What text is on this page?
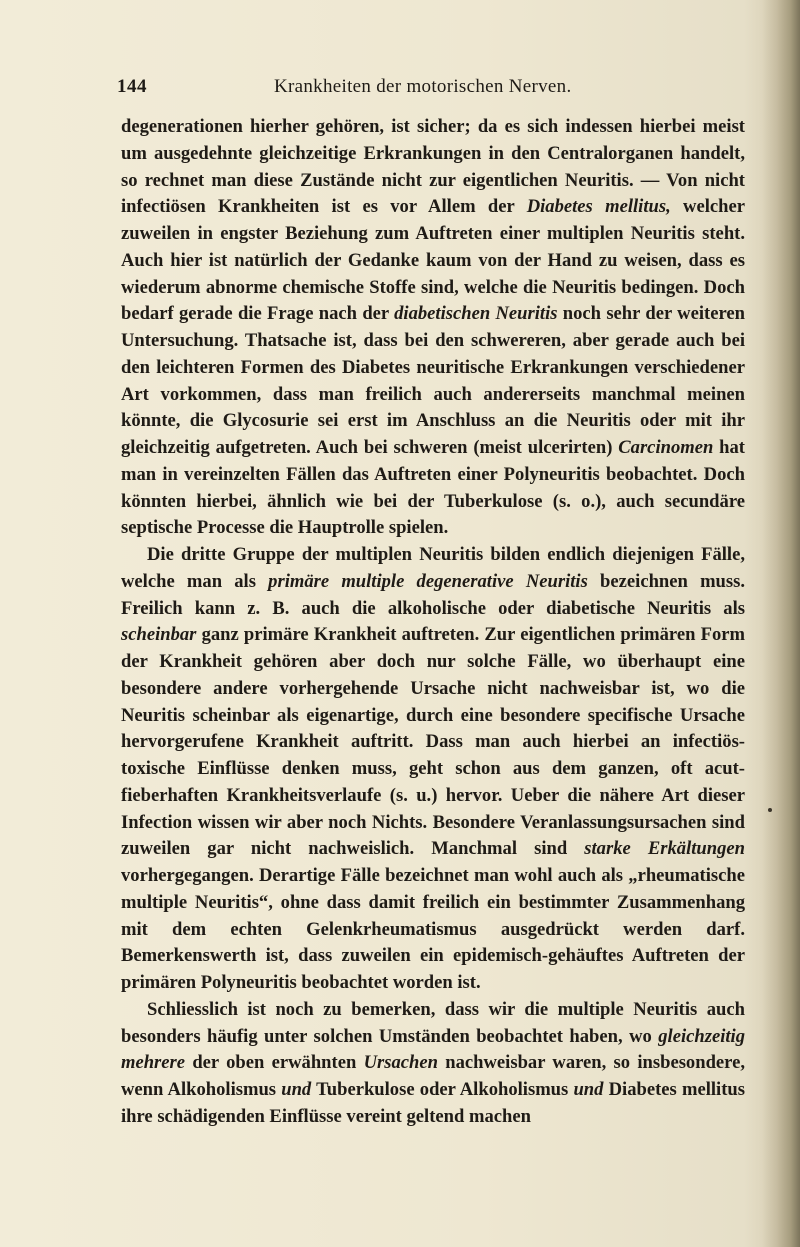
144	Krankheiten der motorischen Nerven.

degenerationen hierher gehören, ist sicher; da es sich indessen hierbei meist um ausgedehnte gleichzeitige Erkrankungen in den Centralorganen handelt, so rechnet man diese Zustände nicht zur eigentlichen Neuritis. — Von nicht infectiösen Krankheiten ist es vor Allem der Diabetes mellitus, welcher zuweilen in engster Beziehung zum Auftreten einer multiplen Neuritis steht. Auch hier ist natürlich der Gedanke kaum von der Hand zu weisen, dass es wiederum abnorme chemische Stoffe sind, welche die Neuritis bedingen. Doch bedarf gerade die Frage nach der diabetischen Neuritis noch sehr der weiteren Untersuchung. Thatsache ist, dass bei den schwereren, aber gerade auch bei den leichteren Formen des Diabetes neuritische Erkrankungen verschiedener Art vorkommen, dass man freilich auch andererseits manchmal meinen könnte, die Glycosurie sei erst im Anschluss an die Neuritis oder mit ihr gleichzeitig aufgetreten. Auch bei schweren (meist ulcerirten) Carcinomen hat man in vereinzelten Fällen das Auftreten einer Polyneuritis beobachtet. Doch könnten hierbei, ähnlich wie bei der Tuberkulose (s. o.), auch secundäre septische Processe die Hauptrolle spielen.

Die dritte Gruppe der multiplen Neuritis bilden endlich diejenigen Fälle, welche man als primäre multiple degenerative Neuritis bezeichnen muss. Freilich kann z. B. auch die alkoholische oder diabetische Neuritis als scheinbar ganz primäre Krankheit auftreten. Zur eigentlichen primären Form der Krankheit gehören aber doch nur solche Fälle, wo überhaupt eine besondere andere vorhergehende Ursache nicht nachweisbar ist, wo die Neuritis scheinbar als eigenartige, durch eine besondere specifische Ursache hervorgerufene Krankheit auftritt. Dass man auch hierbei an infectiös-toxische Einflüsse denken muss, geht schon aus dem ganzen, oft acut-fieberhaften Krankheitsverlaufe (s. u.) hervor. Ueber die nähere Art dieser Infection wissen wir aber noch Nichts. Besondere Veranlassungsursachen sind zuweilen gar nicht nachweislich. Manchmal sind starke Erkältungen vorhergegangen. Derartige Fälle bezeichnet man wohl auch als „rheumatische multiple Neuritis“, ohne dass damit freilich ein bestimmter Zusammenhang mit dem echten Gelenkrheumatismus ausgedrückt werden darf. Bemerkenswerth ist, dass zuweilen ein epidemisch-gehäuftes Auftreten der primären Polyneuritis beobachtet worden ist.

Schliesslich ist noch zu bemerken, dass wir die multiple Neuritis auch besonders häufig unter solchen Umständen beobachtet haben, wo gleichzeitig mehrere der oben erwähnten Ursachen nachweisbar waren, so insbesondere, wenn Alkoholismus und Tuberkulose oder Alkoholismus und Diabetes mellitus ihre schädigenden Einflüsse vereint geltend machen
